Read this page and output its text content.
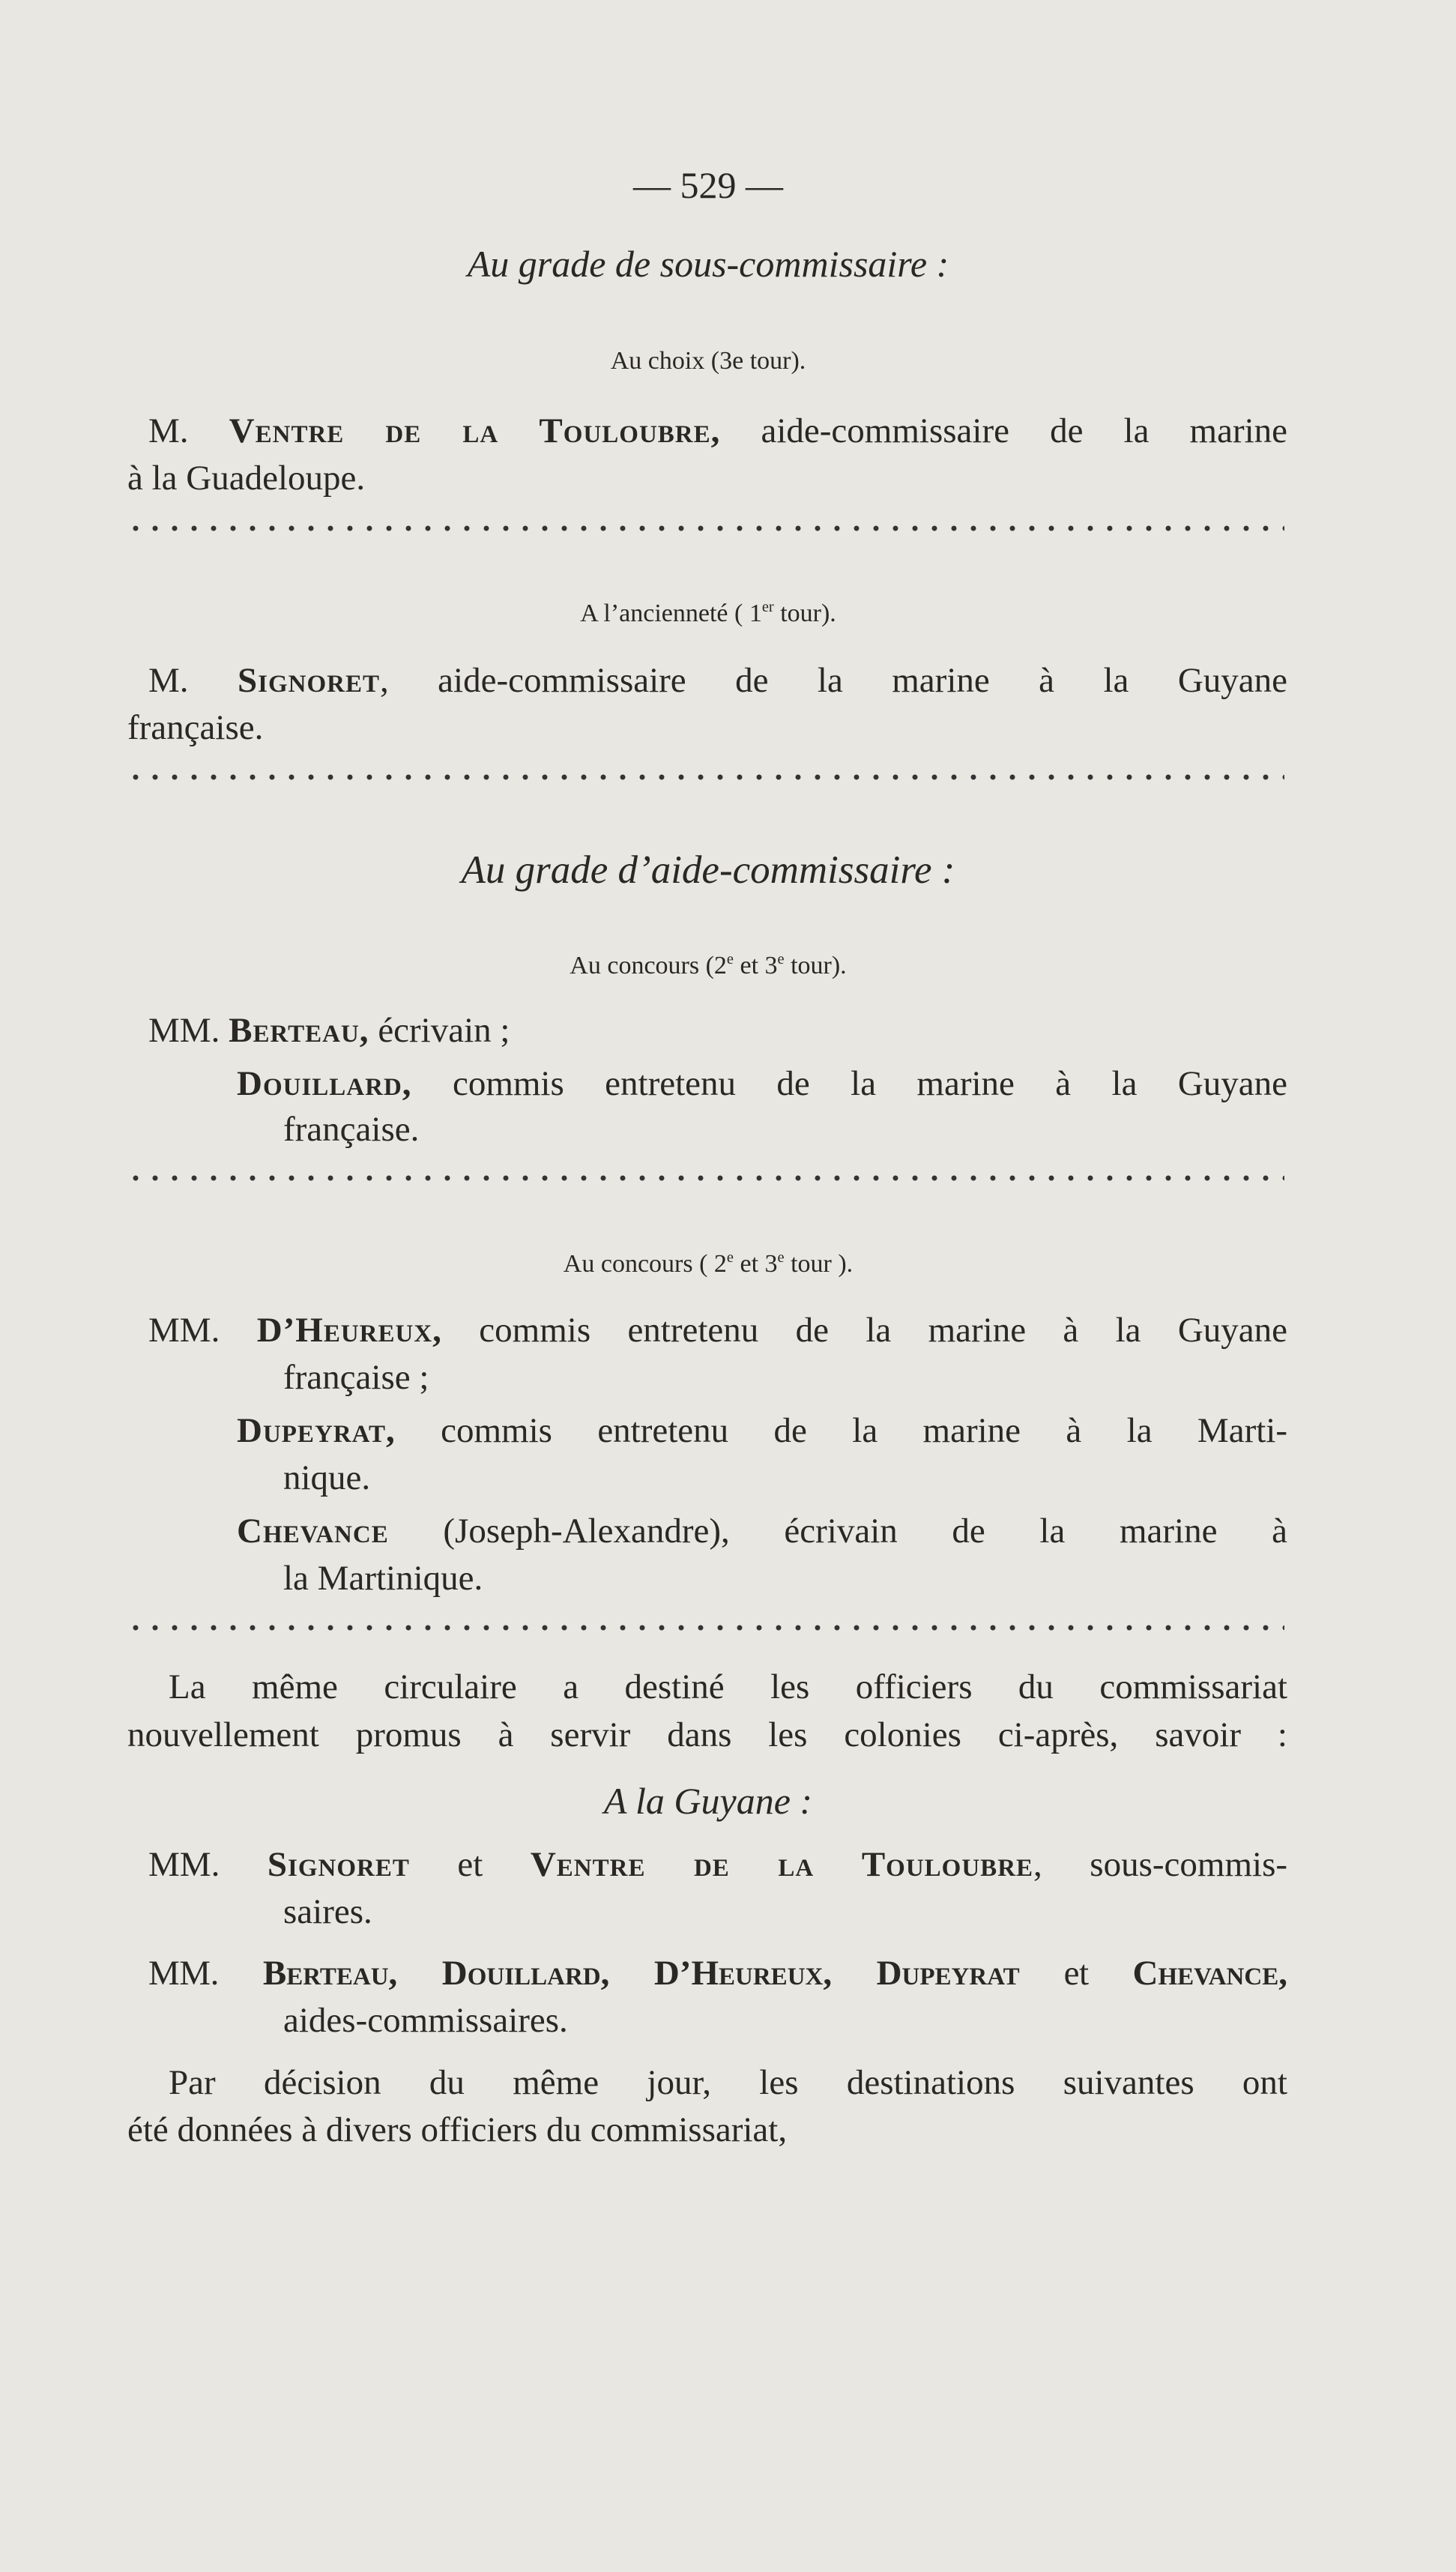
— 529 —

Au grade de sous-commissaire :

Au choix (3e tour).

M. Ventre de la Touloubre, aide-commissaire de la marine

à la Guadeloupe.

A l’ancienneté ( 1er tour).

M. Signoret, aide-commissaire de la marine à la Guyane

française.

Au grade d’aide-commissaire :

Au concours (2e et 3e tour).

MM. Berteau, écrivain ;

Douillard, commis entretenu de la marine à la Guyane

française.

Au concours ( 2e et 3e tour ).

MM. D’Heureux, commis entretenu de la marine à la Guyane

française ;

Dupeyrat, commis entretenu de la marine à la Marti-

nique.

Chevance (Joseph-Alexandre), écrivain de la marine à

la Martinique.

La même circulaire a destiné les officiers du commissariat

nouvellement promus à servir dans les colonies ci-après, savoir :

A la Guyane :

MM. Signoret et Ventre de la Touloubre, sous-commis-

saires.

MM. Berteau, Douillard, D’Heureux, Dupeyrat et Chevance,

aides-commissaires.

Par décision du même jour, les destinations suivantes ont

été données à divers officiers du commissariat,
